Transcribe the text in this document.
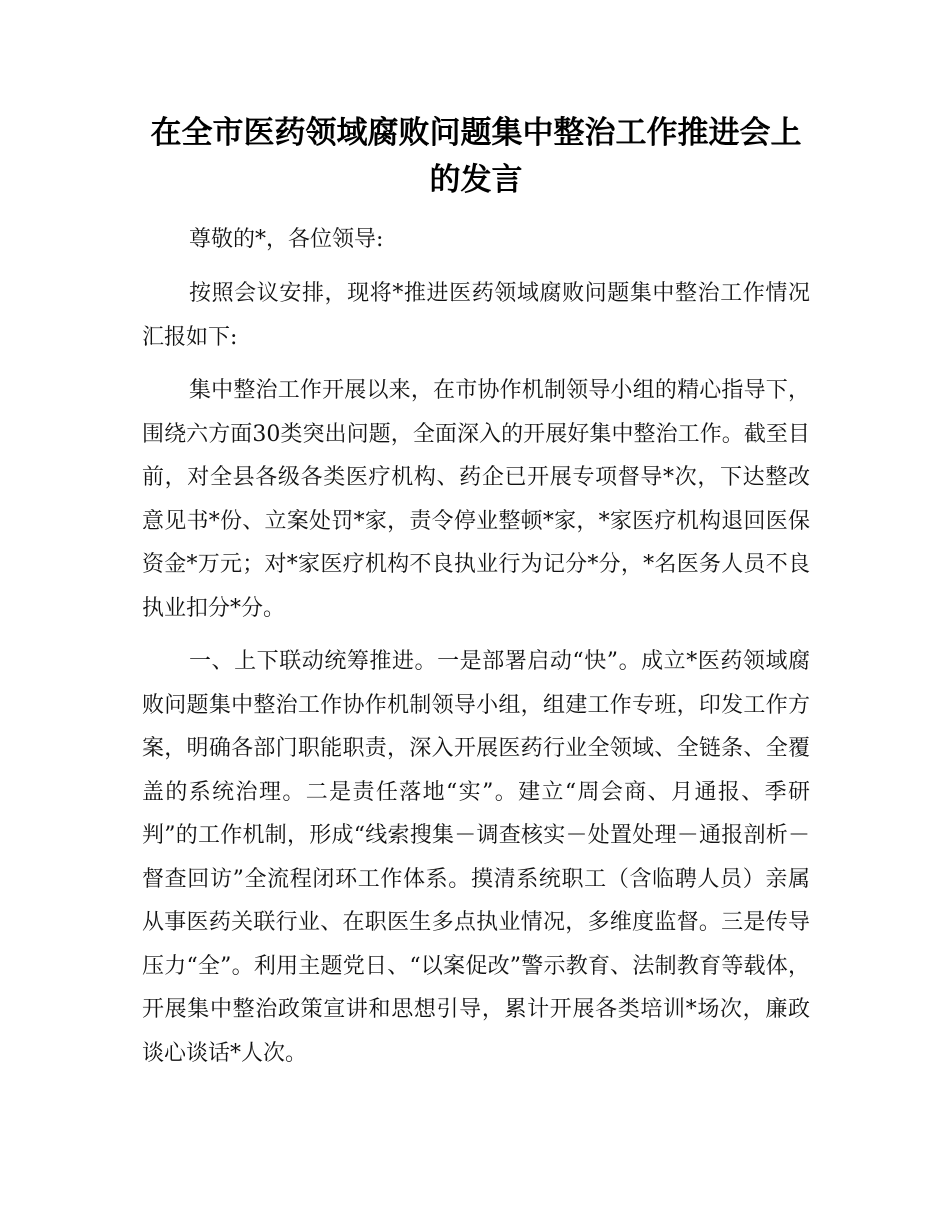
在全市医药领域腐败问题集中整治工作推进会上的发言

尊敬的*，各位领导:

按照会议安排，现将*推进医药领域腐败问题集中整治工作情况汇报如下:

集中整治工作开展以来，在市协作机制领导小组的精心指导下，围绕六方面30类突出问题，全面深入的开展好集中整治工作。截至目前，对全县各级各类医疗机构、药企已开展专项督导*次，下达整改意见书*份、立案处罚*家，责令停业整顿*家，*家医疗机构退回医保资金*万元；对*家医疗机构不良执业行为记分*分，*名医务人员不良执业扣分*分。

一、上下联动统筹推进。一是部署启动“快”。成立*医药领域腐败问题集中整治工作协作机制领导小组，组建工作专班，印发工作方案，明确各部门职能职责，深入开展医药行业全领域、全链条、全覆盖的系统治理。二是责任落地“实”。建立“周会商、月通报、季研判”的工作机制，形成“线索搜集－调查核实－处置处理－通报剖析－督查回访”全流程闭环工作体系。摸清系统职工（含临聘人员）亲属从事医药关联行业、在职医生多点执业情况，多维度监督。三是传导压力“全”。利用主题党日、“以案促改”警示教育、法制教育等载体，开展集中整治政策宣讲和思想引导，累计开展各类培训*场次，廉政谈心谈话*人次。
